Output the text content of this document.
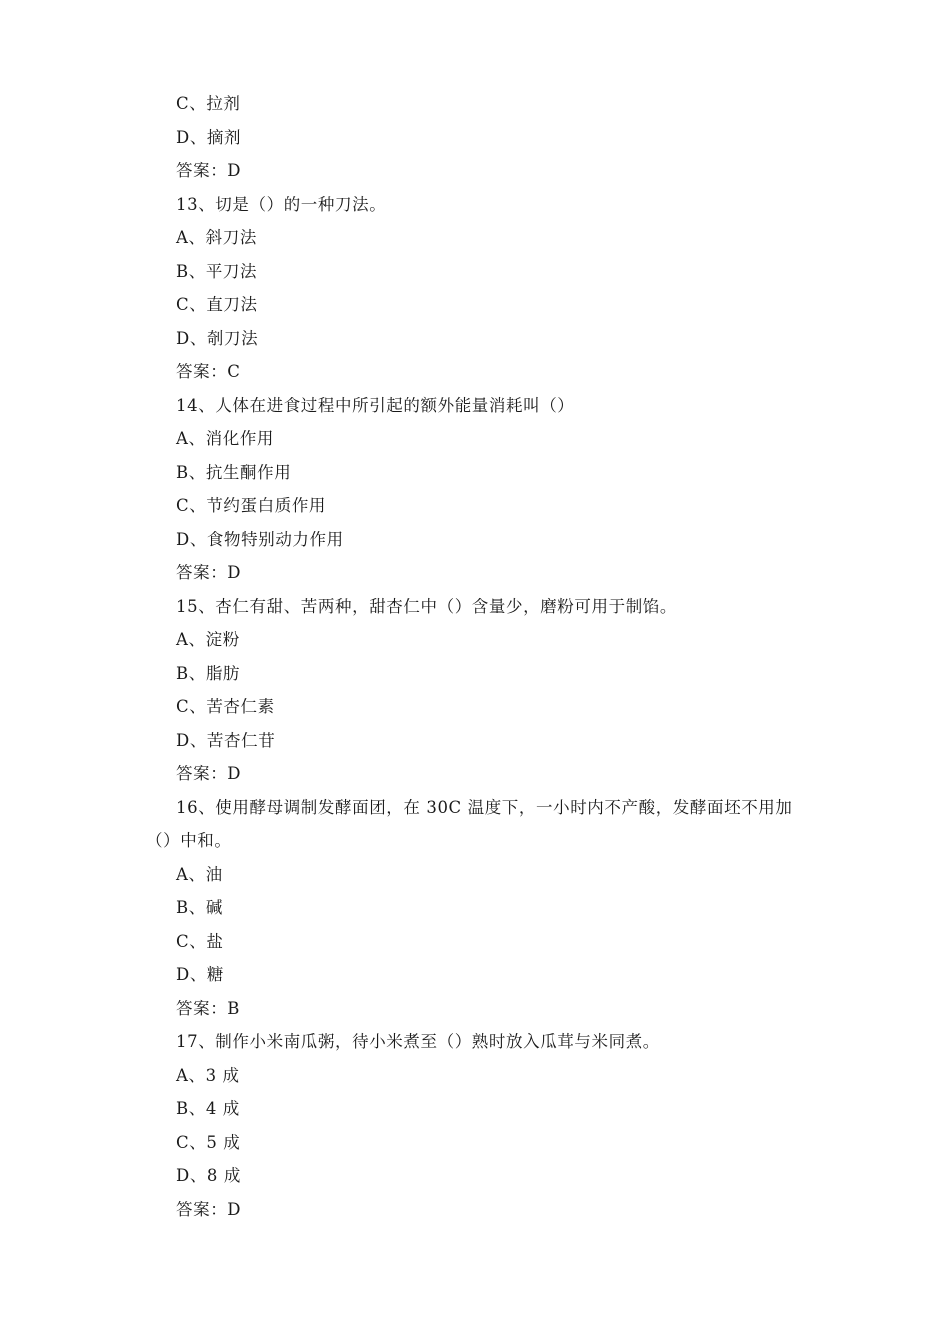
C、拉剂
D、摘剂
答案：D
13、切是（）的一种刀法。
A、斜刀法
B、平刀法
C、直刀法
D、剞刀法
答案：C
14、人体在进食过程中所引起的额外能量消耗叫（）
A、消化作用
B、抗生酮作用
C、节约蛋白质作用
D、食物特别动力作用
答案：D
15、杏仁有甜、苦两种，甜杏仁中（）含量少，磨粉可用于制馅。
A、淀粉
B、脂肪
C、苦杏仁素
D、苦杏仁苷
答案：D
16、使用酵母调制发酵面团，在 30C 温度下，一小时内不产酸，发酵面坯不用加
（）中和。
A、油
B、碱
C、盐
D、糖
答案：B
17、制作小米南瓜粥，待小米煮至（）熟时放入瓜茸与米同煮。
A、3 成
B、4 成
C、5 成
D、8 成
答案：D
